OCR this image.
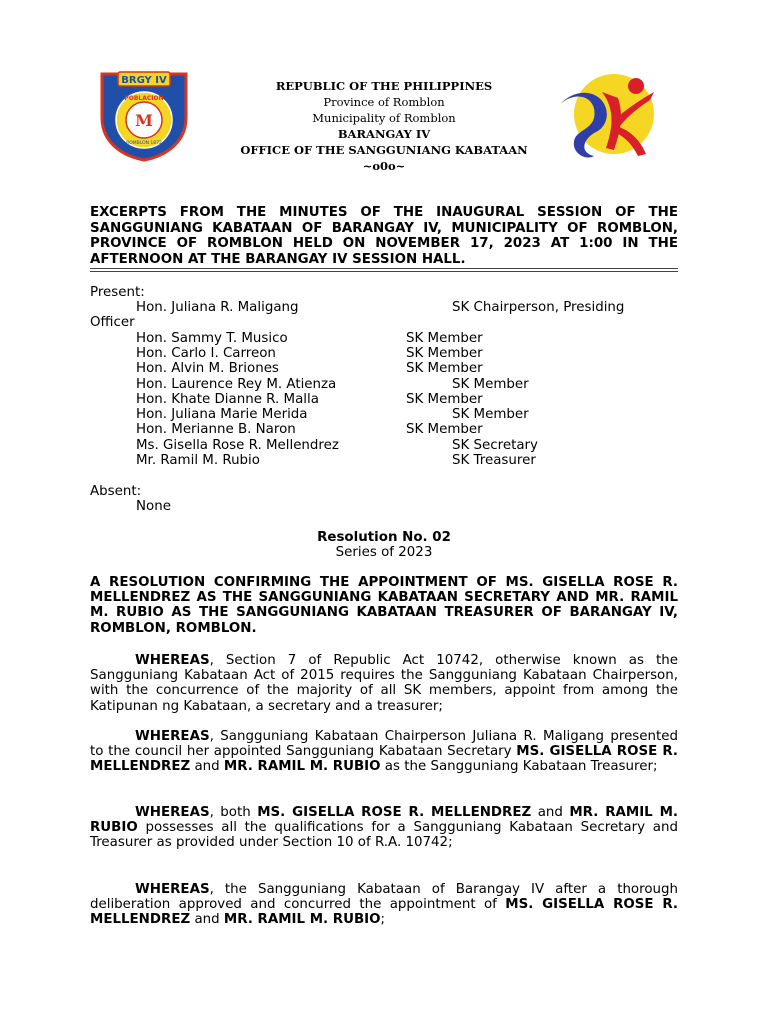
BRGY IV
POBLACION
M
ROMBLON 1872
REPUBLIC OF THE PHILIPPINES
Province of Romblon
Municipality of Romblon
BARANGAY IV
OFFICE OF THE SANGGUNIANG KABATAAN
~o0o~
EXCERPTS FROM THE MINUTES OF THE INAUGURAL SESSION OF THE SANGGUNIANG KABATAAN OF BARANGAY IV, MUNICIPALITY OF ROMBLON, PROVINCE OF ROMBLON HELD ON NOVEMBER 17, 2023 AT 1:00 IN THE AFTERNOON AT THE BARANGAY IV SESSION HALL.
Present:
Hon. Juliana R. Maligang	SK Chairperson, Presiding
Officer
Hon. Sammy T. Musico	SK Member
Hon. Carlo I. Carreon	SK Member
Hon. Alvin M. Briones	SK Member
Hon. Laurence Rey M. Atienza	SK Member
Hon. Khate Dianne R. Malla	SK Member
Hon. Juliana Marie Merida	SK Member
Hon. Merianne B. Naron	SK Member
Ms. Gisella Rose R. Mellendrez	SK Secretary
Mr. Ramil M. Rubio	SK Treasurer
Absent:
None
Resolution No. 02
Series of 2023
A RESOLUTION CONFIRMING THE APPOINTMENT OF MS. GISELLA ROSE R. MELLENDREZ AS THE SANGGUNIANG KABATAAN SECRETARY AND MR. RAMIL M. RUBIO AS THE SANGGUNIANG KABATAAN TREASURER OF BARANGAY IV, ROMBLON, ROMBLON.
WHEREAS, Section 7 of Republic Act 10742, otherwise known as the Sangguniang Kabataan Act of 2015 requires the Sangguniang Kabataan Chairperson, with the concurrence of the majority of all SK members, appoint from among the Katipunan ng Kabataan, a secretary and a treasurer;
WHEREAS, Sangguniang Kabataan Chairperson Juliana R. Maligang presented to the council her appointed Sangguniang Kabataan Secretary MS. GISELLA ROSE R. MELLENDREZ and MR. RAMIL M. RUBIO as the Sangguniang Kabataan Treasurer;
WHEREAS, both MS. GISELLA ROSE R. MELLENDREZ and MR. RAMIL M. RUBIO possesses all the qualifications for a Sangguniang Kabataan Secretary and Treasurer as provided under Section 10 of R.A. 10742;
WHEREAS, the Sangguniang Kabataan of Barangay IV after a thorough deliberation approved and concurred the appointment of MS. GISELLA ROSE R. MELLENDREZ and MR. RAMIL M. RUBIO;
